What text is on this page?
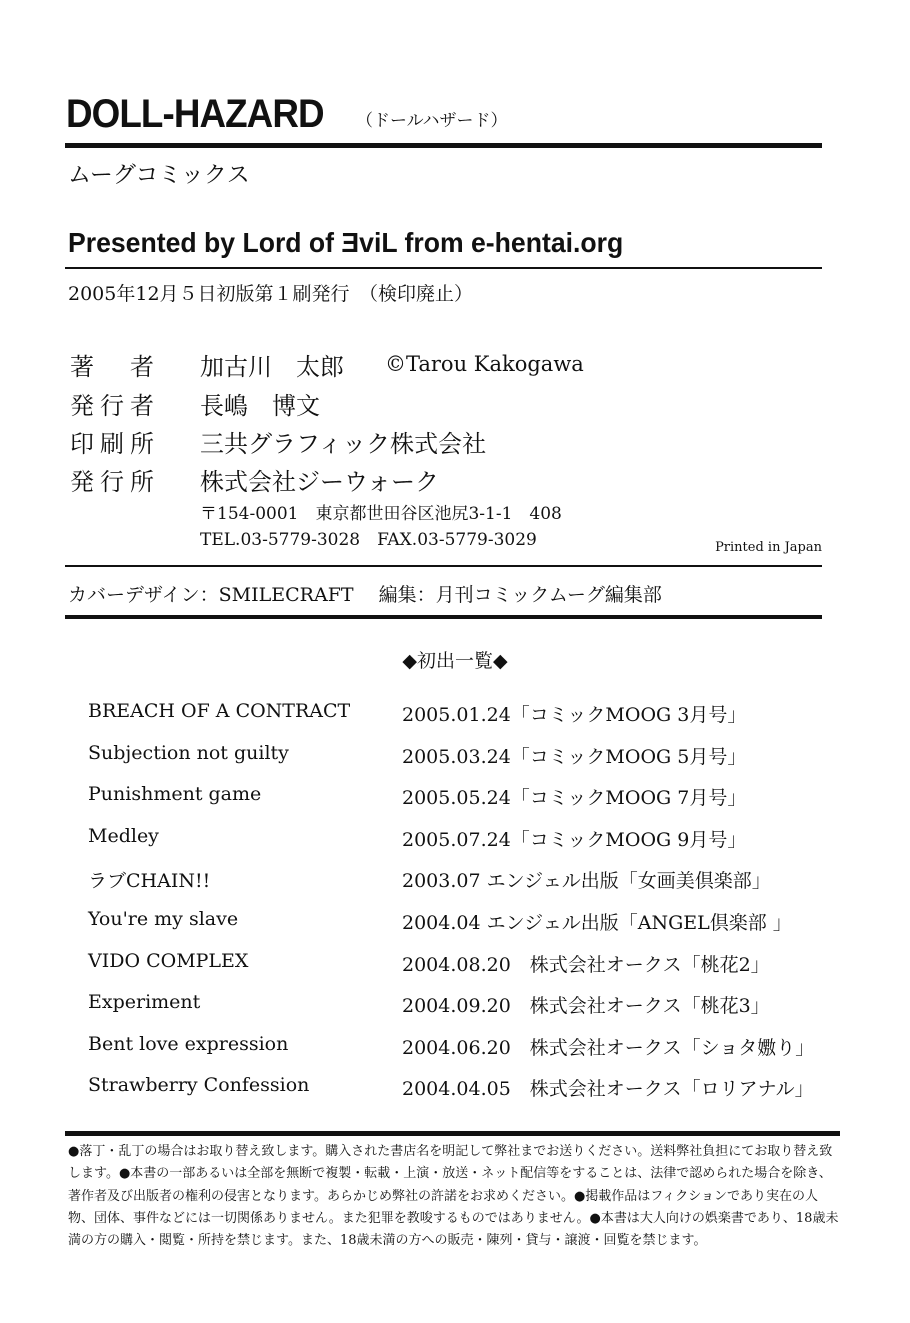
DOLL-HAZARD （ドールハザード）
ムーグコミックス
Presented by Lord of ƎviL from e-hentai.org
2005年12月５日初版第１刷発行　（検印廃止）
著　者 加古川　太郎 ©Tarou Kakogawa
発行者 長嶋　博文
印刷所 三共グラフィック株式会社
発行所 株式会社ジーウォーク
〒154-0001　東京都世田谷区池尻3-1-1　408
TEL.03-5779-3028　FAX.03-5779-3029	Printed in Japan
カバーデザイン：SMILECRAFT　 編集：月刊コミックムーグ編集部
◆初出一覧◆
BREACH OF A CONTRACT	2005.01.24「コミックMOOG 3月号」
Subjection not guilty	2005.03.24「コミックMOOG 5月号」
Punishment game	2005.05.24「コミックMOOG 7月号」
Medley	2005.07.24「コミックMOOG 9月号」
ラブCHAIN!!	2003.07 エンジェル出版「女画美倶楽部」
You're my slave	2004.04 エンジェル出版「ANGEL倶楽部 」
VIDO COMPLEX	2004.08.20　株式会社オークス「桃花2」
Experiment	2004.09.20　株式会社オークス「桃花3」
Bent love expression	2004.06.20　株式会社オークス「ショタ嫐り」
Strawberry Confession	2004.04.05　株式会社オークス「ロリアナル」
●落丁・乱丁の場合はお取り替え致します。購入された書店名を明記して弊社までお送りください。送料弊社負担にてお取り替え致します。●本書の一部あるいは全部を無断で複製・転載・上演・放送・ネット配信等をすることは、法律で認められた場合を除き、著作者及び出版者の権利の侵害となります。あらかじめ弊社の許諾をお求めください。●掲載作品はフィクションであり実在の人物、団体、事件などには一切関係ありません。また犯罪を教唆するものではありません。●本書は大人向けの娯楽書であり、18歳未満の方の購入・閲覧・所持を禁じます。また、18歳未満の方への販売・陳列・貸与・譲渡・回覧を禁じます。
